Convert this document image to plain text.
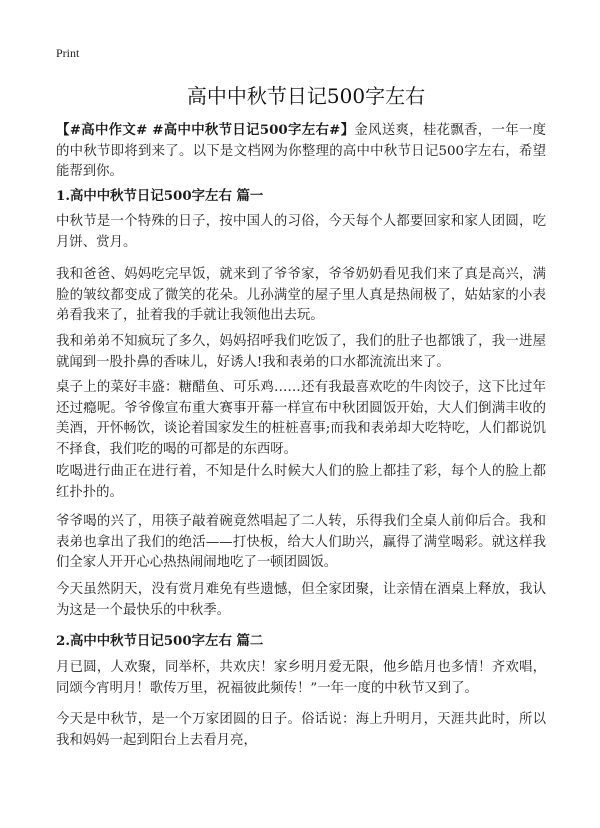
Print
高中中秋节日记500字左右

【#高中作文# #高中中秋节日记500字左右#】金风送爽，桂花飘香，一年一度的中秋节即将到来了。以下是文档网为你整理的高中中秋节日记500字左右，希望能帮到你。

1.高中中秋节日记500字左右 篇一

中秋节是一个特殊的日子，按中国人的习俗，今天每个人都要回家和家人团圆，吃月饼、赏月。

我和爸爸、妈妈吃完早饭，就来到了爷爷家，爷爷奶奶看见我们来了真是高兴，满脸的皱纹都变成了微笑的花朵。儿孙满堂的屋子里人真是热闹极了，姑姑家的小表弟看我来了，扯着我的手就让我领他出去玩。

我和弟弟不知疯玩了多久，妈妈招呼我们吃饭了，我们的肚子也都饿了，我一进屋就闻到一股扑鼻的香味儿，好诱人!我和表弟的口水都流流出来了。

桌子上的菜好丰盛：糖醋鱼、可乐鸡……还有我最喜欢吃的牛肉饺子，这下比过年还过瘾呢。爷爷像宣布重大赛事开幕一样宣布中秋团圆饭开始，大人们倒满丰收的美酒，开怀畅饮，谈论着国家发生的桩桩喜事;而我和表弟却大吃特吃，人们都说饥不择食，我们吃的喝的可都是的东西呀。

吃喝进行曲正在进行着，不知是什么时候大人们的脸上都挂了彩，每个人的脸上都红扑扑的。

爷爷喝的兴了，用筷子敲着碗竟然唱起了二人转，乐得我们全桌人前仰后合。我和表弟也拿出了我们的绝活——打快板，给大人们助兴，赢得了满堂喝彩。就这样我们全家人开开心心热热闹闹地吃了一顿团圆饭。

今天虽然阴天，没有赏月难免有些遗憾，但全家团聚，让亲情在酒桌上释放，我认为这是一个最快乐的中秋季。

2.高中中秋节日记500字左右 篇二

月已圆，人欢聚，同举杯，共欢庆！家乡明月爱无限，他乡皓月也多情！齐欢唱，同颂今宵明月！歌传万里，祝福彼此频传！”一年一度的中秋节又到了。

今天是中秋节，是一个万家团圆的日子。俗话说：海上升明月，天涯共此时，所以我和妈妈一起到阳台上去看月亮，
